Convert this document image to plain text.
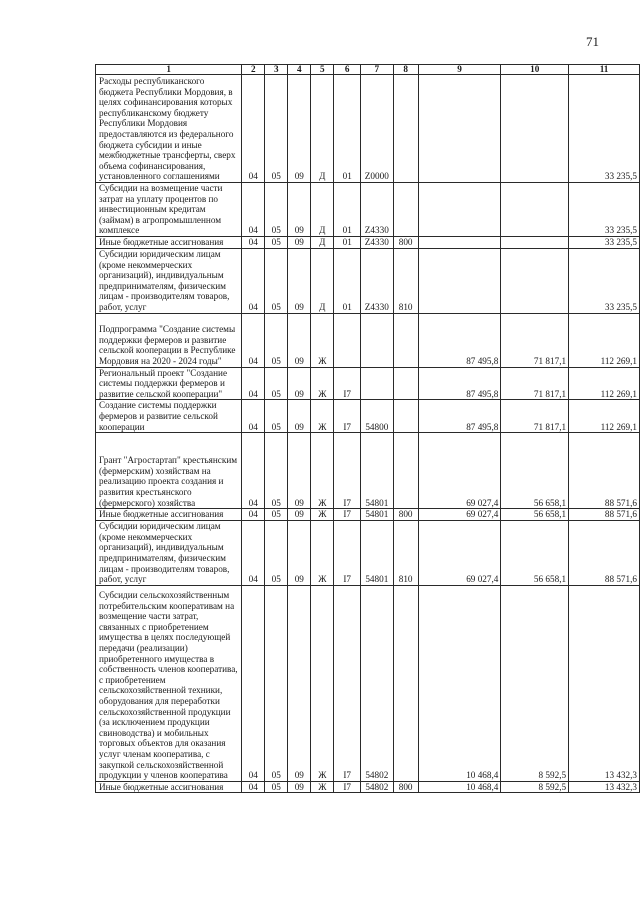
71
1	2	3	4	5	6	7	8	9	10	11
Расходы республиканского бюджета Республики Мордовия, в целях софинансирования которых республиканскому бюджету Республики Мордовия предоставляются из федерального бюджета субсидии и иные межбюджетные трансферты, сверх объема софинансирования, установленного соглашениями	04	05	09	Д	01	Z0000				33 235,5
Субсидии на возмещение части затрат на уплату процентов по инвестиционным кредитам (займам) в агропромышленном комплексе	04	05	09	Д	01	Z4330				33 235,5
Иные бюджетные ассигнования	04	05	09	Д	01	Z4330	800			33 235,5
Субсидии юридическим лицам (кроме некоммерческих организаций), индивидуальным предпринимателям, физическим лицам - производителям товаров, работ, услуг	04	05	09	Д	01	Z4330	810			33 235,5
Подпрограмма "Создание системы поддержки фермеров и развитие сельской кооперации в Республике Мордовия на 2020 - 2024 годы"	04	05	09	Ж				87 495,8	71 817,1	112 269,1
Региональный проект "Создание системы поддержки фермеров и развитие сельской кооперации"	04	05	09	Ж	I7			87 495,8	71 817,1	112 269,1
Создание системы поддержки фермеров и развитие сельской кооперации	04	05	09	Ж	I7	54800		87 495,8	71 817,1	112 269,1
Грант "Агростартап" крестьянским (фермерским) хозяйствам на реализацию проекта создания и развития крестьянского (фермерского) хозяйства	04	05	09	Ж	I7	54801		69 027,4	56 658,1	88 571,6
Иные бюджетные ассигнования	04	05	09	Ж	I7	54801	800	69 027,4	56 658,1	88 571,6
Субсидии юридическим лицам (кроме некоммерческих организаций), индивидуальным предпринимателям, физическим лицам - производителям товаров, работ, услуг	04	05	09	Ж	I7	54801	810	69 027,4	56 658,1	88 571,6
Субсидии сельскохозяйственным потребительским кооперативам на возмещение части затрат, связанных с приобретением имущества в целях последующей передачи (реализации) приобретенного имущества в собственность членов кооператива, с приобретением сельскохозяйственной техники, оборудования для переработки сельскохозяйственной продукции (за исключением продукции свиноводства) и мобильных торговых объектов для оказания услуг членам кооператива, с закупкой сельскохозяйственной продукции у членов кооператива	04	05	09	Ж	I7	54802		10 468,4	8 592,5	13 432,3
Иные бюджетные ассигнования	04	05	09	Ж	I7	54802	800	10 468,4	8 592,5	13 432,3
